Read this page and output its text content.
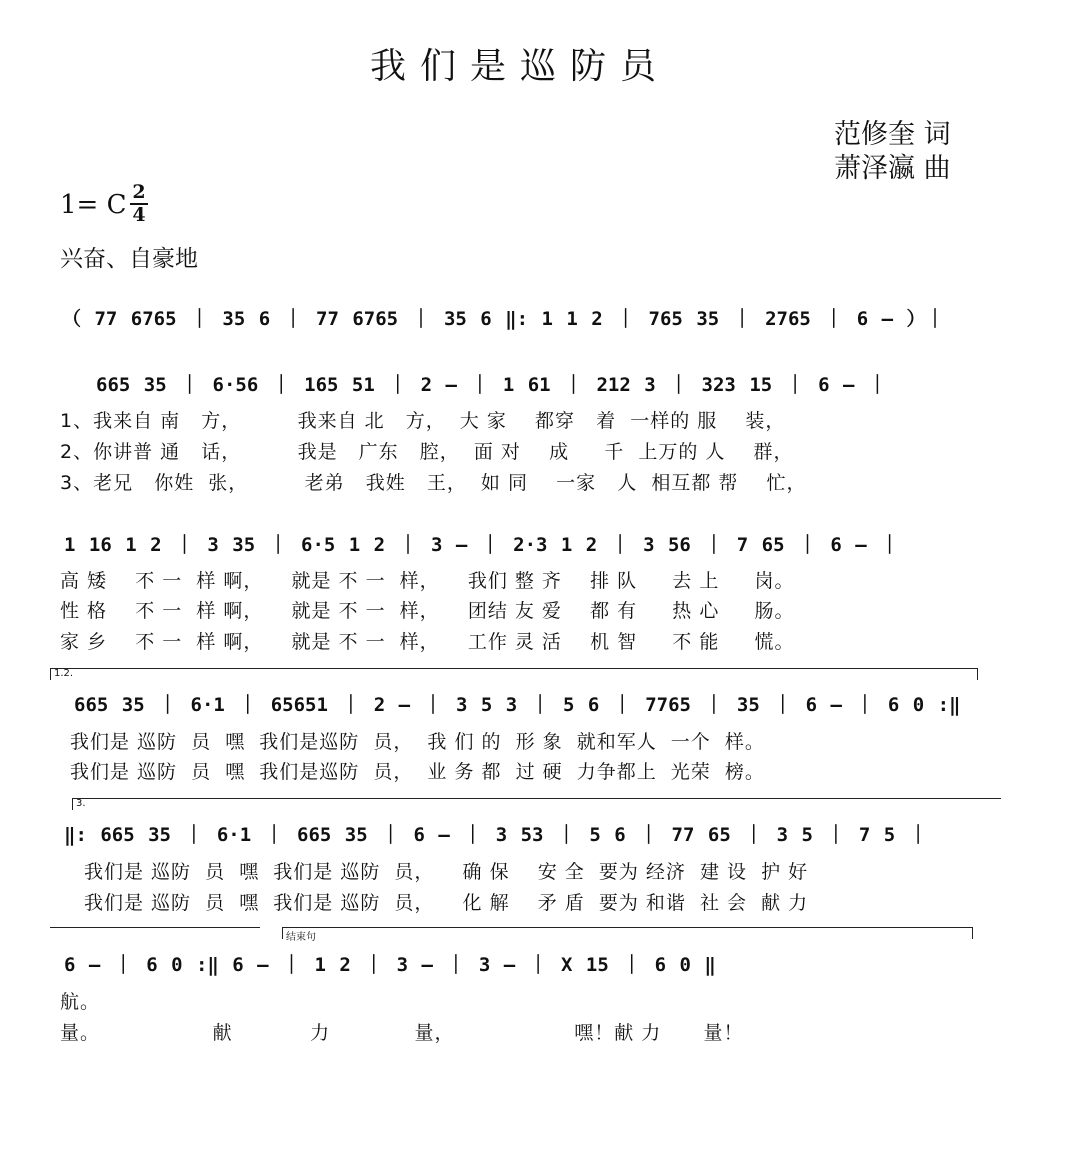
我们是巡防员
范修奎 词
萧泽瀛 曲
1= C 2
4
兴奋、自豪地
（ 77 6765 ｜ 35 6 ｜ 77 6765 ｜ 35 6 ‖: 1 1 2 ｜ 765 35 ｜ 2765 ｜ 6 – ）｜
665 35 ｜ 6·56 ｜ 165 51 ｜ 2 – ｜ 1 61 ｜ 212 3 ｜ 323 15 ｜ 6 – ｜
1、我来自 南   方，        我来自 北   方，  大 家    都穿   着  一样的 服    装，
2、你讲普 通   话，        我是   广东   腔，  面 对    成     千  上万的 人    群，
3、老兄   你姓  张，        老弟   我姓   王，  如 同    一家   人  相互都 帮    忙，
1 16 1 2 ｜ 3 35 ｜ 6·5 1 2 ｜ 3 – ｜ 2·3 1 2 ｜ 3 56 ｜ 7 65 ｜ 6 – ｜
高 矮    不 一  样 啊，    就是 不 一  样，    我们 整 齐    排 队     去 上     岗。
性 格    不 一  样 啊，    就是 不 一  样，    团结 友 爱    都 有     热 心     肠。
家 乡    不 一  样 啊，    就是 不 一  样，    工作 灵 活    机 智     不 能     慌。
1.2.
665 35 ｜ 6·1 ｜ 65651 ｜ 2 – ｜ 3 5 3 ｜ 5 6 ｜ 7765 ｜ 35 ｜ 6 – ｜ 6 0 :‖
我们是 巡防  员  嘿  我们是巡防  员，  我 们 的  形 象  就和军人  一个  样。
我们是 巡防  员  嘿  我们是巡防  员，  业 务 都  过 硬  力争都上  光荣  榜。
3.
‖: 665 35 ｜ 6·1 ｜ 665 35 ｜ 6 – ｜ 3 53 ｜ 5 6 ｜ 77 65 ｜ 3 5 ｜ 7 5 ｜
我们是 巡防  员  嘿  我们是 巡防  员，    确 保    安 全  要为 经济  建 设  护 好
我们是 巡防  员  嘿  我们是 巡防  员，    化 解    矛 盾  要为 和谐  社 会  献 力
结束句
6 – ｜ 6 0 :‖ 6 – ｜ 1 2 ｜ 3 – ｜ 3 – ｜ X 15 ｜ 6 0 ‖
航。
量。                献           力            量，                 嘿！献 力      量！
